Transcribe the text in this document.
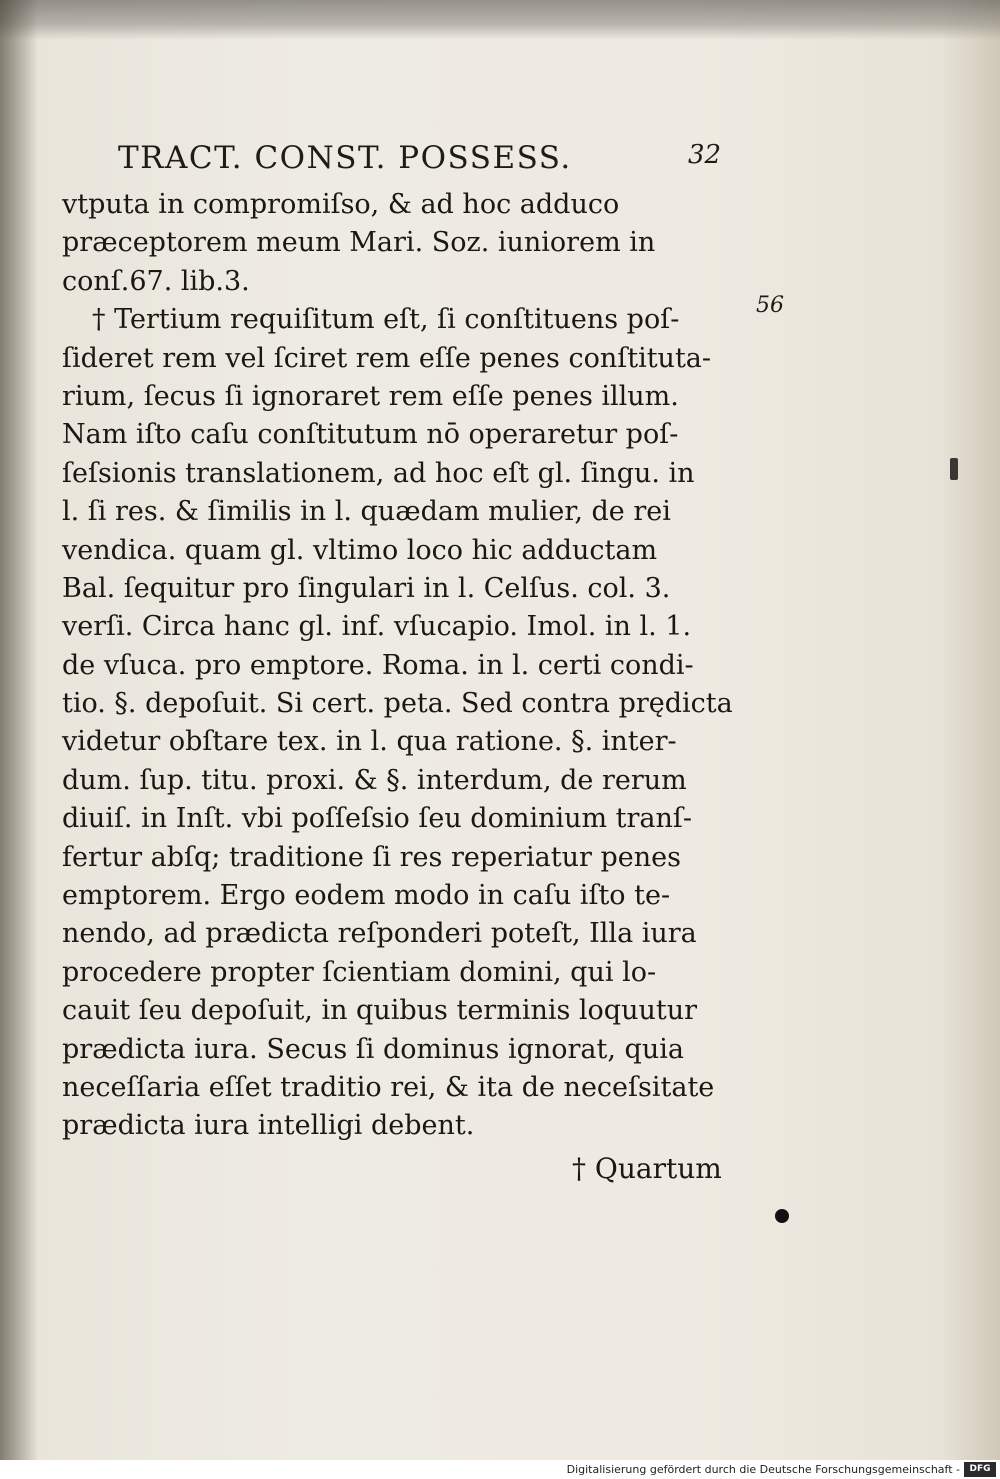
TRACT. CONST. POSSESS.	32
56
vtputa in compromiſso, & ad hoc adduco
præceptorem meum Mari. Soz. iuniorem in
conſ.67. lib.3.
† Tertium requiſitum eſt, ſi conſtituens poſ-
ſideret rem vel ſciret rem eſſe penes conſtituta-
rium, ſecus ſi ignoraret rem eſſe penes illum.
Nam iſto caſu conſtitutum nō operaretur poſ-
ſeſsionis translationem, ad hoc eſt gl. ſingu. in
l. ſi res. & ſimilis in l. quædam mulier, de rei
vendica. quam gl. vltimo loco hic adductam
Bal. ſequitur pro ſingulari in l. Celſus. col. 3.
verſi. Circa hanc gl. inf. vſucapio. Imol. in l. 1.
de vſuca. pro emptore. Roma. in l. certi condi-
tio. §. depoſuit. Si cert. peta. Sed contra prędicta
videtur obſtare tex. in l. qua ratione. §. inter-
dum. ſup. titu. proxi. & §. interdum, de rerum
diuiſ. in Inſt. vbi poſſeſsio ſeu dominium tranſ-
fertur abſq; traditione ſi res reperiatur penes
emptorem. Ergo eodem modo in caſu iſto te-
nendo, ad prædicta reſponderi poteſt, Illa iura
procedere propter ſcientiam domini, qui lo-
cauit ſeu depoſuit, in quibus terminis loquutur
prædicta iura. Secus ſi dominus ignorat, quia
neceſſaria eſſet traditio rei, & ita de neceſsitate
prædicta iura intelligi debent.
† Quartum
Digitalisierung gefördert durch die Deutsche Forschungsgemeinschaft -	DFG
